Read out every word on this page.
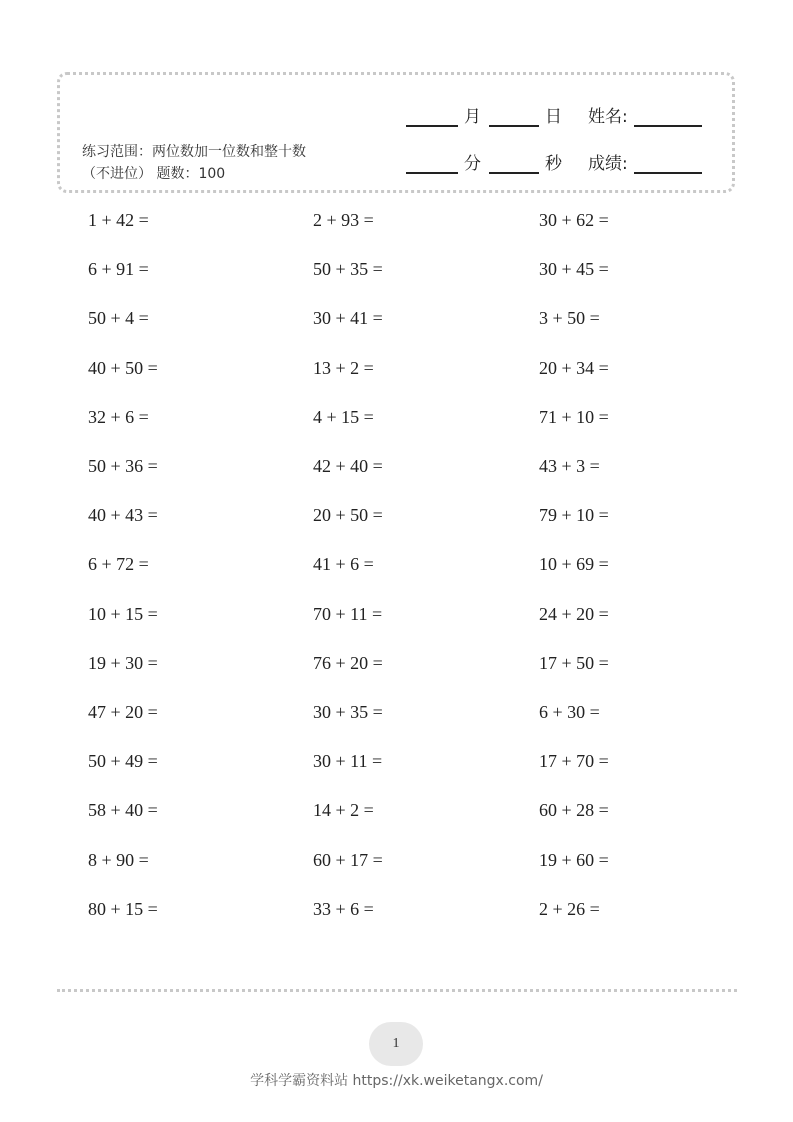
练习范围：两位数加一位数和整十数（不进位） 题数：100
月	日 姓名:
分	秒 成绩:
1 + 42 =	2 + 93 =	30 + 62 =
6 + 91 =	50 + 35 =	30 + 45 =
50 + 4 =	30 + 41 =	3 + 50 =
40 + 50 =	13 + 2 =	20 + 34 =
32 + 6 =	4 + 15 =	71 + 10 =
50 + 36 =	42 + 40 =	43 + 3 =
40 + 43 =	20 + 50 =	79 + 10 =
6 + 72 =	41 + 6 =	10 + 69 =
10 + 15 =	70 + 11 =	24 + 20 =
19 + 30 =	76 + 20 =	17 + 50 =
47 + 20 =	30 + 35 =	6 + 30 =
50 + 49 =	30 + 11 =	17 + 70 =
58 + 40 =	14 + 2 =	60 + 28 =
8 + 90 =	60 + 17 =	19 + 60 =
80 + 15 =	33 + 6 =	2 + 26 =
1
学科学霸资料站 https://xk.weiketangx.com/
